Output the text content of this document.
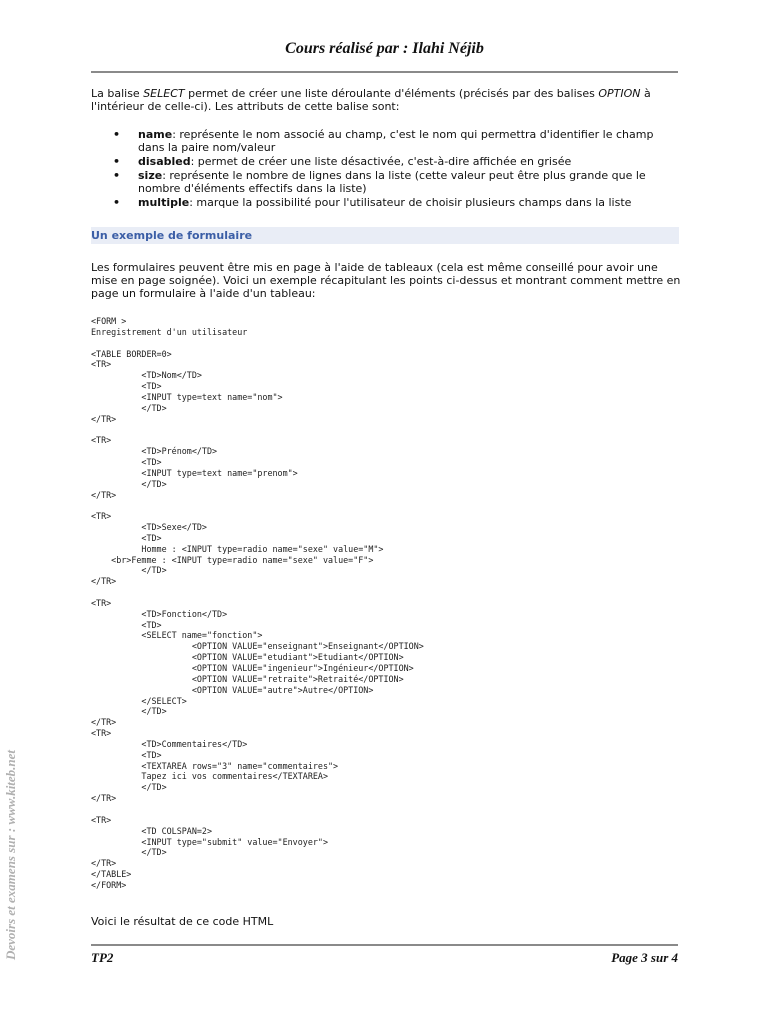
Cours réalisé par : Ilahi Néjib

La balise SELECT permet de créer une liste déroulante d'éléments (précisés par des balises OPTION à l'intérieur de celle-ci). Les attributs de cette balise sont:

• name: représente le nom associé au champ, c'est le nom qui permettra d'identifier le champ dans la paire nom/valeur
• disabled: permet de créer une liste désactivée, c'est-à-dire affichée en grisée
• size: représente le nombre de lignes dans la liste (cette valeur peut être plus grande que le nombre d'éléments effectifs dans la liste)
• multiple: marque la possibilité pour l'utilisateur de choisir plusieurs champs dans la liste
Un exemple de formulaire

Les formulaires peuvent être mis en page à l'aide de tableaux (cela est même conseillé pour avoir une mise en page soignée). Voici un exemple récapitulant les points ci-dessus et montrant comment mettre en page un formulaire à l'aide d'un tableau:

<FORM >
Enregistrement d'un utilisateur

<TABLE BORDER=0>
<TR>
<TD>Nom</TD>
<TD>
<INPUT type=text name="nom">
</TD>
</TR>

<TR>
<TD>Prénom</TD>
<TD>
<INPUT type=text name="prenom">
</TD>
</TR>

<TR>
<TD>Sexe</TD>
<TD>
Homme : <INPUT type=radio name="sexe" value="M">
<br>Femme : <INPUT type=radio name="sexe" value="F">
</TD>
</TR>

<TR>
<TD>Fonction</TD>
<TD>
<SELECT name="fonction">
<OPTION VALUE="enseignant">Enseignant</OPTION>
<OPTION VALUE="etudiant">Etudiant</OPTION>
<OPTION VALUE="ingenieur">Ingénieur</OPTION>
<OPTION VALUE="retraite">Retraité</OPTION>
<OPTION VALUE="autre">Autre</OPTION>
</SELECT>
</TD>
</TR>
<TR>
<TD>Commentaires</TD>
<TD>
<TEXTAREA rows="3" name="commentaires">
Tapez ici vos commentaires</TEXTAREA>
</TD>
</TR>

<TR>
<TD COLSPAN=2>
<INPUT type="submit" value="Envoyer">
</TD>
</TR>
</TABLE>
</FORM>

Voici le résultat de ce code HTML

TP2	Page 3 sur 4
Devoirs et examens sur : www.kiteb.net
